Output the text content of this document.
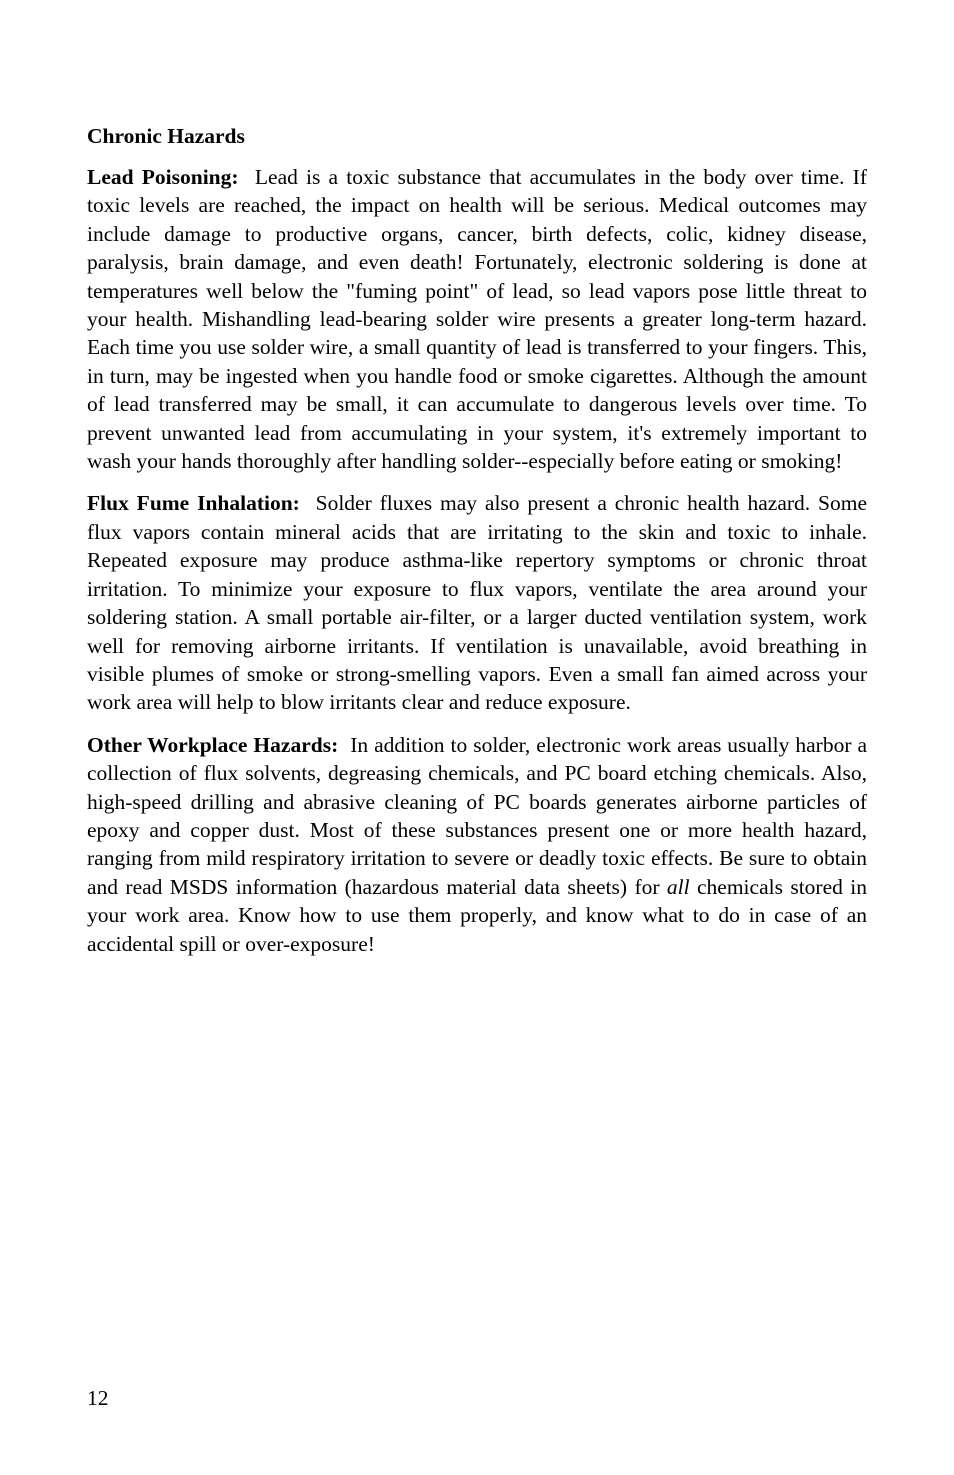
Chronic Hazards

Lead Poisoning: Lead is a toxic substance that accumulates in the body over time. If toxic levels are reached, the impact on health will be serious. Medical outcomes may include damage to productive organs, cancer, birth defects, colic, kidney disease, paralysis, brain damage, and even death! Fortunately, electronic soldering is done at temperatures well below the "fuming point" of lead, so lead vapors pose little threat to your health. Mishandling lead-bearing solder wire presents a greater long-term hazard. Each time you use solder wire, a small quantity of lead is transferred to your fingers. This, in turn, may be ingested when you handle food or smoke cigarettes. Although the amount of lead transferred may be small, it can accumulate to dangerous levels over time. To prevent unwanted lead from accumulating in your system, it's extremely important to wash your hands thoroughly after handling solder--especially before eating or smoking!

Flux Fume Inhalation: Solder fluxes may also present a chronic health hazard. Some flux vapors contain mineral acids that are irritating to the skin and toxic to inhale. Repeated exposure may produce asthma-like repertory symptoms or chronic throat irritation. To minimize your exposure to flux vapors, ventilate the area around your soldering station. A small portable air-filter, or a larger ducted ventilation system, work well for removing airborne irritants. If ventilation is unavailable, avoid breathing in visible plumes of smoke or strong-smelling vapors. Even a small fan aimed across your work area will help to blow irritants clear and reduce exposure.

Other Workplace Hazards: In addition to solder, electronic work areas usually harbor a collection of flux solvents, degreasing chemicals, and PC board etching chemicals. Also, high-speed drilling and abrasive cleaning of PC boards generates airborne particles of epoxy and copper dust. Most of these substances present one or more health hazard, ranging from mild respiratory irritation to severe or deadly toxic effects. Be sure to obtain and read MSDS information (hazardous material data sheets) for all chemicals stored in your work area. Know how to use them properly, and know what to do in case of an accidental spill or over-exposure!

12
